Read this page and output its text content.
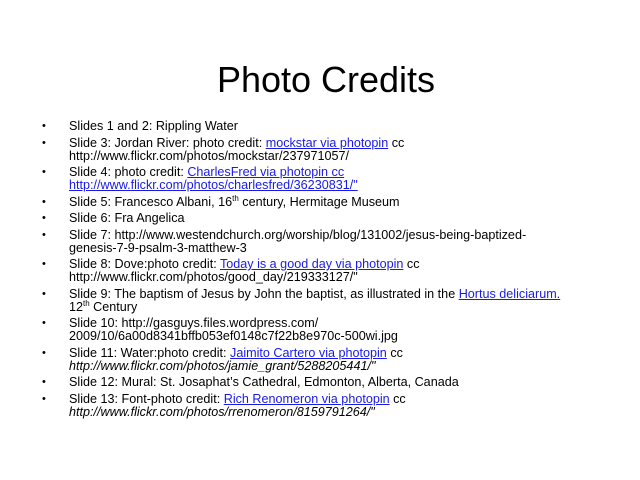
Photo Credits
• Slides 1 and 2: Rippling Water
• Slide 3: Jordan River: photo credit: mockstar via photopin cc
http://www.flickr.com/photos/mockstar/237971057/
• Slide 4: photo credit: CharlesFred via photopin cc
http://www.flickr.com/photos/charlesfred/36230831/"
• Slide 5: Francesco Albani, 16th century, Hermitage Museum
• Slide 6: Fra Angelica
• Slide 7: http://www.westendchurch.org/worship/blog/131002/jesus-being-baptized-
genesis-7-9-psalm-3-matthew-3
• Slide 8: Dove:photo credit: Today is a good day via photopin cc
http://www.flickr.com/photos/good_day/219333127/"
• Slide 9: The baptism of Jesus by John the baptist, as illustrated in the Hortus deliciarum.
12th Century
• Slide 10: http://gasguys.files.wordpress.com/
2009/10/6a00d8341bffb053ef0148c7f22b8e970c-500wi.jpg
• Slide 11: Water:photo credit: Jaimito Cartero via photopin cc
http://www.flickr.com/photos/jamie_grant/5288205441/"
• Slide 12: Mural: St. Josaphat’s Cathedral, Edmonton, Alberta, Canada
• Slide 13: Font-photo credit: Rich Renomeron via photopin cc
http://www.flickr.com/photos/rrenomeron/8159791264/"
